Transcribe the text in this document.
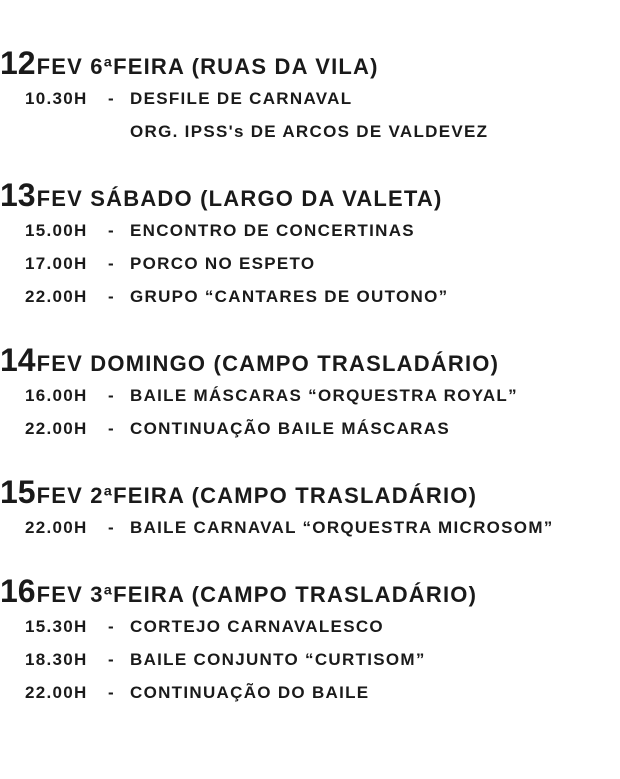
12 FEV 6ªFEIRA (RUAS DA VILA)
10.30H	- DESFILE DE CARNAVAL
ORG. IPSS's DE ARCOS DE VALDEVEZ
13 FEV SÁBADO (LARGO DA VALETA)
15.00H	- ENCONTRO DE CONCERTINAS
17.00H	- PORCO NO ESPETO
22.00H	- GRUPO “CANTARES DE OUTONO”
14 FEV DOMINGO (CAMPO TRASLADÁRIO)
16.00H	- BAILE MÁSCARAS “ORQUESTRA ROYAL”
22.00H	- CONTINUAÇÃO BAILE MÁSCARAS
15 FEV 2ªFEIRA (CAMPO TRASLADÁRIO)
22.00H	- BAILE CARNAVAL “ORQUESTRA MICROSOM”
16 FEV 3ªFEIRA (CAMPO TRASLADÁRIO)
15.30H	- CORTEJO CARNAVALESCO
18.30H	- BAILE CONJUNTO “CURTISOM”
22.00H	- CONTINUAÇÃO DO BAILE
